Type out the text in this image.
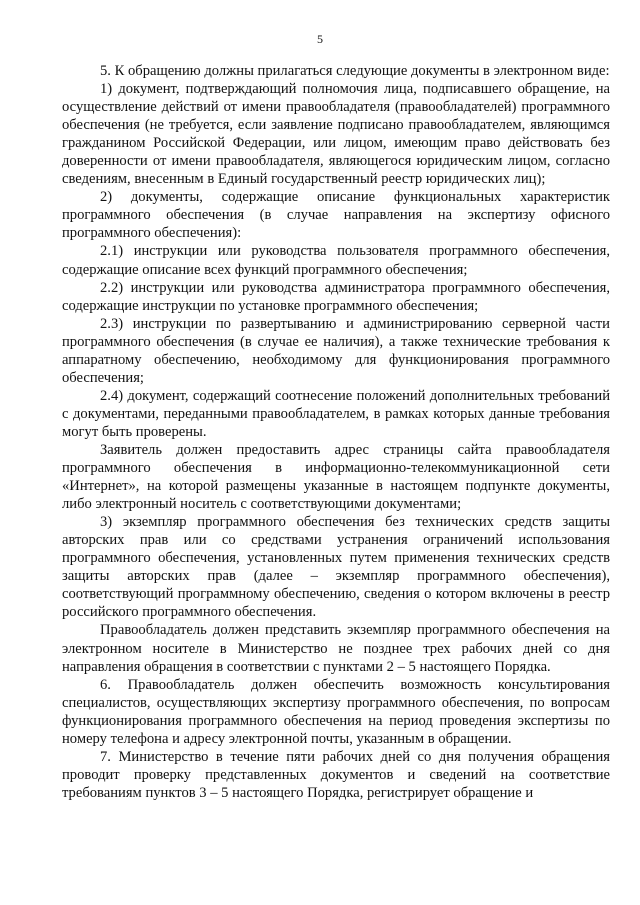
5

5. К обращению должны прилагаться следующие документы в электронном виде:

1) документ, подтверждающий полномочия лица, подписавшего обращение, на осуществление действий от имени правообладателя (правообладателей) программного обеспечения (не требуется, если заявление подписано правообладателем, являющимся гражданином Российской Федерации, или лицом, имеющим право действовать без доверенности от имени правообладателя, являющегося юридическим лицом, согласно сведениям, внесенным в Единый государственный реестр юридических лиц);

2) документы, содержащие описание функциональных характеристик программного обеспечения (в случае направления на экспертизу офисного программного обеспечения):

2.1) инструкции или руководства пользователя программного обеспечения, содержащие описание всех функций программного обеспечения;

2.2) инструкции или руководства администратора программного обеспечения, содержащие инструкции по установке программного обеспечения;

2.3) инструкции по развертыванию и администрированию серверной части программного обеспечения (в случае ее наличия), а также технические требования к аппаратному обеспечению, необходимому для функционирования программного обеспечения;

2.4) документ, содержащий соотнесение положений дополнительных требований с документами, переданными правообладателем, в рамках которых данные требования могут быть проверены.

Заявитель должен предоставить адрес страницы сайта правообладателя программного обеспечения в информационно-телекоммуникационной сети «Интернет», на которой размещены указанные в настоящем подпункте документы, либо электронный носитель с соответствующими документами;

3) экземпляр программного обеспечения без технических средств защиты авторских прав или со средствами устранения ограничений использования программного обеспечения, установленных путем применения технических средств защиты авторских прав (далее – экземпляр программного обеспечения), соответствующий программному обеспечению, сведения о котором включены в реестр российского программного обеспечения.

Правообладатель должен представить экземпляр программного обеспечения на электронном носителе в Министерство не позднее трех рабочих дней со дня направления обращения в соответствии с пунктами 2 – 5 настоящего Порядка.

6. Правообладатель должен обеспечить возможность консультирования специалистов, осуществляющих экспертизу программного обеспечения, по вопросам функционирования программного обеспечения на период проведения экспертизы по номеру телефона и адресу электронной почты, указанным в обращении.

7. Министерство в течение пяти рабочих дней со дня получения обращения проводит проверку представленных документов и сведений на соответствие требованиям пунктов 3 – 5 настоящего Порядка, регистрирует обращение и
